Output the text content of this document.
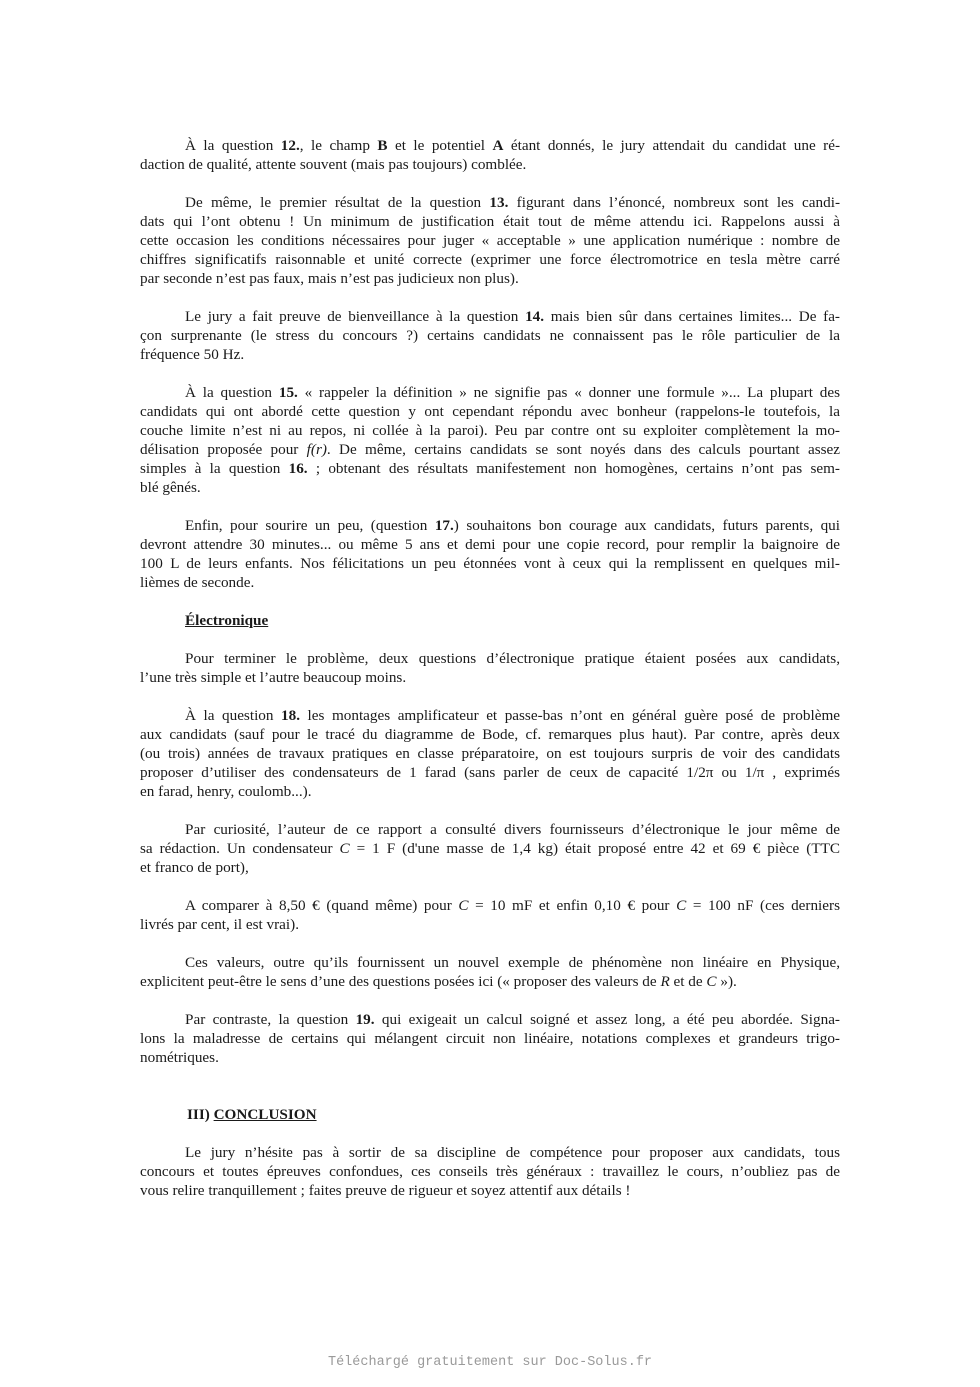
À la question 12., le champ B et le potentiel A étant donnés, le jury attendait du candidat une ré-
daction de qualité, attente souvent (mais pas toujours) comblée.
De même, le premier résultat de la question 13. figurant dans l’énoncé, nombreux sont les candi-
dats qui l’ont obtenu ! Un minimum de justification était tout de même attendu ici. Rappelons aussi à
cette occasion les conditions nécessaires pour juger « acceptable » une application numérique : nombre de
chiffres significatifs raisonnable et unité correcte (exprimer une force électromotrice en tesla mètre carré
par seconde n’est pas faux, mais n’est pas judicieux non plus).
Le jury a fait preuve de bienveillance à la question 14. mais bien sûr dans certaines limites... De fa-
çon surprenante (le stress du concours ?) certains candidats ne connaissent pas le rôle particulier de la
fréquence 50 Hz.
À la question 15. « rappeler la définition » ne signifie pas « donner une formule »... La plupart des
candidats qui ont abordé cette question y ont cependant répondu avec bonheur (rappelons-le toutefois, la
couche limite n’est ni au repos, ni collée à la paroi). Peu par contre ont su exploiter complètement la mo-
délisation proposée pour f(r). De même, certains candidats se sont noyés dans des calculs pourtant assez
simples à la question 16. ; obtenant des résultats manifestement non homogènes, certains n’ont pas sem-
blé gênés.
Enfin, pour sourire un peu, (question 17.) souhaitons bon courage aux candidats, futurs parents, qui
devront attendre 30 minutes... ou même 5 ans et demi pour une copie record, pour remplir la baignoire de
100 L de leurs enfants. Nos félicitations un peu étonnées vont à ceux qui la remplissent en quelques mil-
lièmes de seconde.
Électronique
Pour terminer le problème, deux questions d’électronique pratique étaient posées aux candidats,
l’une très simple et l’autre beaucoup moins.
À la question 18. les montages amplificateur et passe-bas n’ont en général guère posé de problème
aux candidats (sauf pour le tracé du diagramme de Bode, cf. remarques plus haut). Par contre, après deux
(ou trois) années de travaux pratiques en classe préparatoire, on est toujours surpris de voir des candidats
proposer d’utiliser des condensateurs de 1 farad (sans parler de ceux de capacité 1/2π ou 1/π , exprimés
en farad, henry, coulomb...).
Par curiosité, l’auteur de ce rapport a consulté divers fournisseurs d’électronique le jour même de
sa rédaction. Un condensateur C = 1 F (d'une masse de 1,4 kg) était proposé entre 42 et 69 € pièce (TTC
et franco de port),
A comparer à 8,50 € (quand même) pour C = 10 mF et enfin 0,10 € pour C = 100 nF (ces derniers
livrés par cent, il est vrai).
Ces valeurs, outre qu’ils fournissent un nouvel exemple de phénomène non linéaire en Physique,
explicitent peut-être le sens d’une des questions posées ici (« proposer des valeurs de R et de C »).
Par contraste, la question 19. qui exigeait un calcul soigné et assez long, a été peu abordée. Signa-
lons la maladresse de certains qui mélangent circuit non linéaire, notations complexes et grandeurs trigo-
nométriques.
III) CONCLUSION
Le jury n’hésite pas à sortir de sa discipline de compétence pour proposer aux candidats, tous
concours et toutes épreuves confondues, ces conseils très généraux : travaillez le cours, n’oubliez pas de
vous relire tranquillement ; faites preuve de rigueur et soyez attentif aux détails !
Téléchargé gratuitement sur Doc-Solus.fr
